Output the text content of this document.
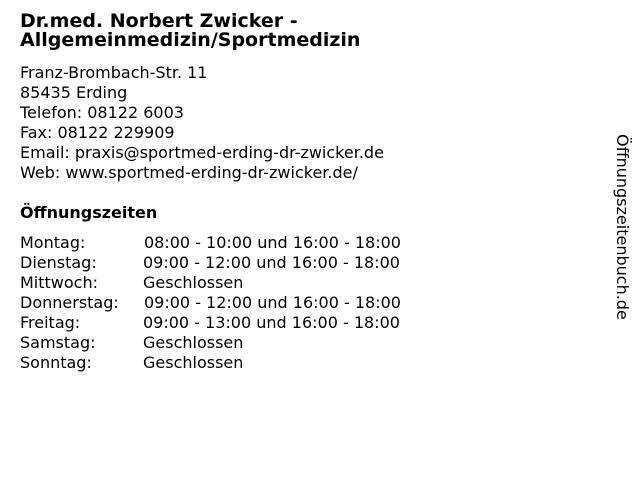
Dr.med. Norbert Zwicker - Allgemeinmedizin/Sportmedizin
Franz-Brombach-Str. 11
85435 Erding
Telefon: 08122 6003
Fax: 08122 229909
Email: praxis@sportmed-erding-dr-zwicker.de
Web: www.sportmed-erding-dr-zwicker.de/
Öffnungszeiten
Montag:	08:00 - 10:00 und 16:00 - 18:00
Dienstag:	09:00 - 12:00 und 16:00 - 18:00
Mittwoch:	Geschlossen
Donnerstag: 09:00 - 12:00 und 16:00 - 18:00
Freitag:	09:00 - 13:00 und 16:00 - 18:00
Samstag:	Geschlossen
Sonntag:	Geschlossen
Öffnungszeitenbuch.de
